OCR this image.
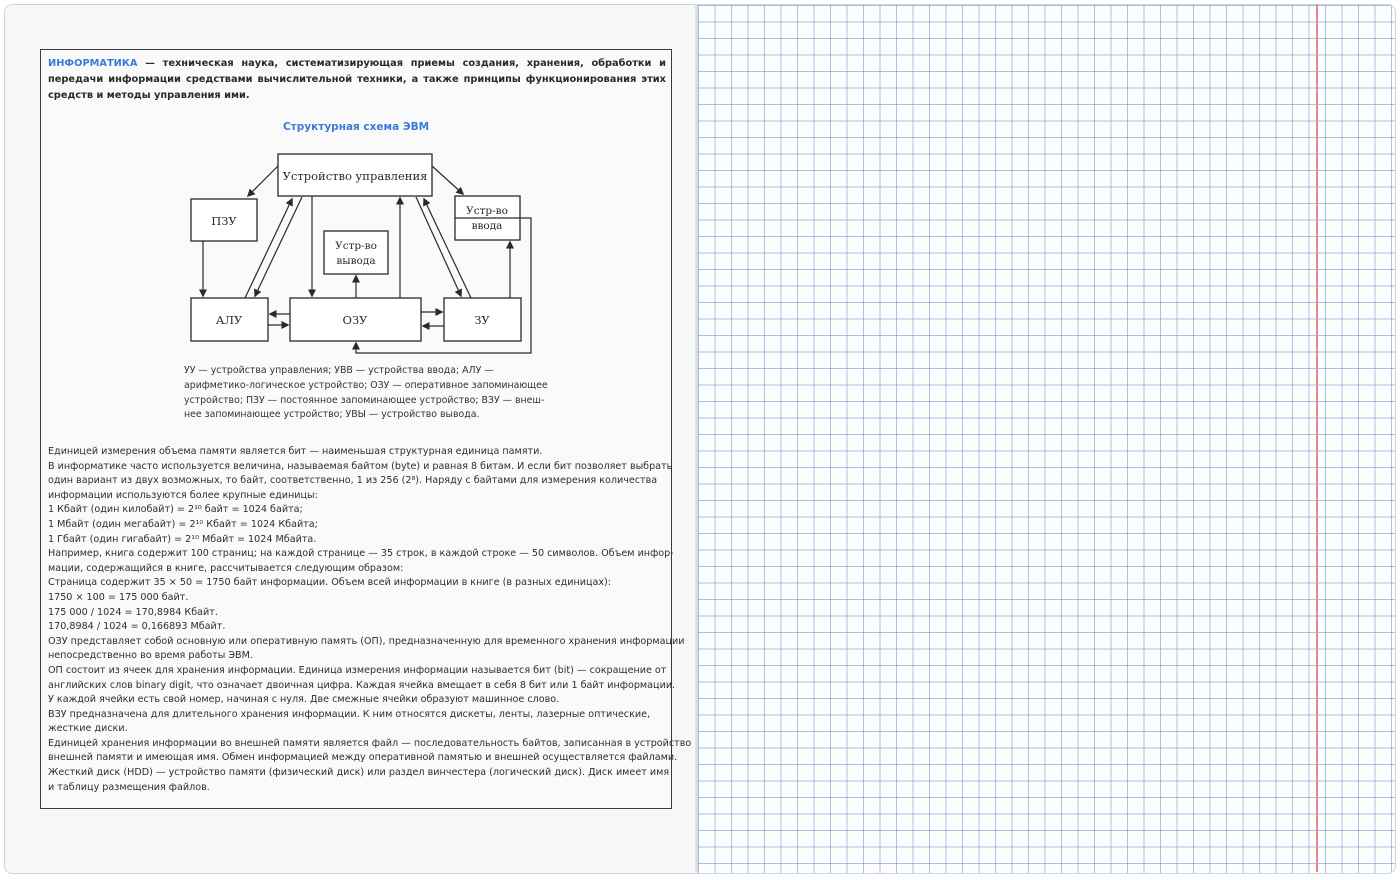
ИНФОРМАТИКА — техническая наука, систематизирующая приемы создания, хранения, обработки и передачи информации средствами вычислительной техники, а также принципы функционирования этих средств и методы управления ими.
Структурная схема ЭВМ
Устройство управления
ПЗУ
Устр-во
ввода
Устр-во
вывода
АЛУ	ОЗУ	ЗУ
УУ — устройства управления; УВВ — устройства ввода; АЛУ —
арифметико-логическое устройство; ОЗУ — оперативное запоминающее
устройство; ПЗУ — постоянное запоминающее устройство; ВЗУ — внеш-
нее запоминающее устройство; УВЫ — устройство вывода.
Единицей измерения объема памяти является бит — наименьшая структурная единица памяти.
В информатике часто используется величина, называемая байтом (byte) и равная 8 битам. И если бит позволяет выбрать
один вариант из двух возможных, то байт, соответственно, 1 из 256 (2⁸). Наряду с байтами для измерения количества
информации используются более крупные единицы:
1 Кбайт (один килобайт) = 2¹⁰ байт = 1024 байта;
1 Мбайт (один мегабайт) = 2¹⁰ Кбайт = 1024 Кбайта;
1 Гбайт (один гигабайт) = 2¹⁰ Мбайт = 1024 Мбайта.
Например, книга содержит 100 страниц; на каждой странице — 35 строк, в каждой строке — 50 символов. Объем инфор-
мации, содержащийся в книге, рассчитывается следующим образом:
Страница содержит 35 × 50 = 1750 байт информации. Объем всей информации в книге (в разных единицах):
1750 × 100 = 175 000 байт.
175 000 / 1024 = 170,8984 Кбайт.
170,8984 / 1024 = 0,166893 Мбайт.
ОЗУ представляет собой основную или оперативную память (ОП), предназначенную для временного хранения информации
непосредственно во время работы ЭВМ.
ОП состоит из ячеек для хранения информации. Единица измерения информации называется бит (bit) — сокращение от
английских слов binary digit, что означает двоичная цифра. Каждая ячейка вмещает в себя 8 бит или 1 байт информации.
У каждой ячейки есть свой номер, начиная с нуля. Две смежные ячейки образуют машинное слово.
ВЗУ предназначена для длительного хранения информации. К ним относятся дискеты, ленты, лазерные оптические,
жесткие диски.
Единицей хранения информации во внешней памяти является файл — последовательность байтов, записанная в устройство
внешней памяти и имеющая имя. Обмен информацией между оперативной памятью и внешней осуществляется файлами.
Жесткий диск (HDD) — устройство памяти (физический диск) или раздел винчестера (логический диск). Диск имеет имя
и таблицу размещения файлов.
